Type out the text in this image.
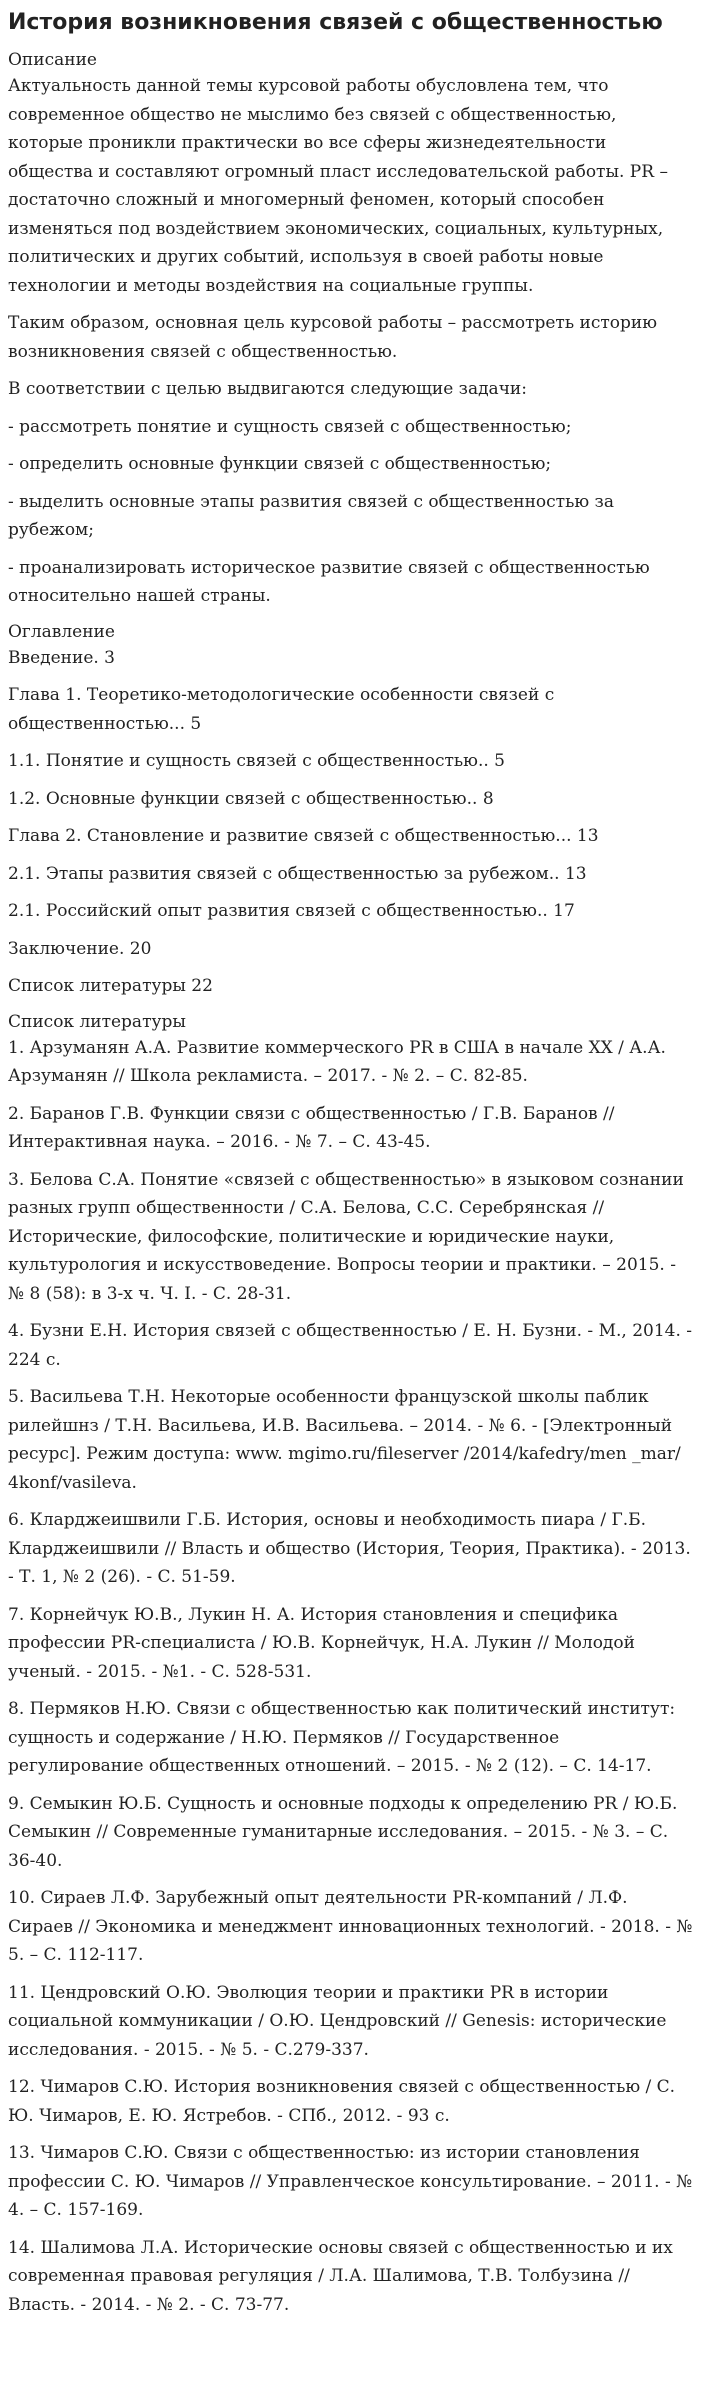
История возникновения связей с общественностью
Описание

Актуальность данной темы курсовой работы обусловлена тем, что современное общество не мыслимо без связей с общественностью, которые проникли практически во все сферы жизнедеятельности общества и составляют огромный пласт исследовательской работы. PR – достаточно сложный и многомерный феномен, который способен изменяться под воздействием экономических, социальных, культурных, политических и других событий, используя в своей работы новые технологии и методы воздействия на социальные группы.

Таким образом, основная цель курсовой работы – рассмотреть историю возникновения связей с общественностью.

В соответствии с целью выдвигаются следующие задачи:

- рассмотреть понятие и сущность связей с общественностью;

- определить основные функции связей с общественностью;

- выделить основные этапы развития связей с общественностью за рубежом;

- проанализировать историческое развитие связей с общественностью относительно нашей страны.

Оглавление

Введение. 3

Глава 1. Теоретико-методологические особенности связей с общественностью... 5

1.1. Понятие и сущность связей с общественностью.. 5

1.2. Основные функции связей с общественностью.. 8

Глава 2. Становление и развитие связей с общественностью... 13

2.1. Этапы развития связей с общественностью за рубежом.. 13

2.1. Российский опыт развития связей с общественностью.. 17

Заключение. 20

Список литературы 22

Список литературы

1. Арзуманян А.А. Развитие коммерческого PR в США в начале XX / А.А. Арзуманян // Школа рекламиста. – 2017. - № 2. – С. 82-85.

2. Баранов Г.В. Функции связи с общественностью / Г.В. Баранов // Интерактивная наука. – 2016. - № 7. – С. 43-45.

3. Белова С.А. Понятие «связей с общественностью» в языковом сознании разных групп общественности / С.А. Белова, С.С. Серебрянская // Исторические, философские, политические и юридические науки, культурология и искусствоведение. Вопросы теории и практики. – 2015. - № 8 (58): в 3-х ч. Ч. I. - С. 28-31.

4. Бузни Е.Н. История связей с общественностью / Е. Н. Бузни. - М., 2014. - 224 с.

5. Васильева Т.Н. Некоторые особенности французской школы паблик рилейшнз / Т.Н. Васильева, И.В. Васильева. – 2014. - № 6. - [Электронный ресурс]. Режим доступа: www. mgimo.ru/fileserver /2014/kafedry/men _mar/ 4konf/vasileva.

6. Кларджеишвили Г.Б. История, основы и необходимость пиара / Г.Б. Кларджеишвили // Власть и общество (История, Теория, Практика). - 2013. - Т. 1, № 2 (26). - С. 51-59.

7. Корнейчук Ю.В., Лукин Н. А. История становления и специфика профессии PR-специалиста / Ю.В. Корнейчук, Н.А. Лукин // Молодой ученый. - 2015. - №1. - С. 528-531.

8. Пермяков Н.Ю. Связи с общественностью как политический институт: сущность и содержание / Н.Ю. Пермяков // Государственное регулирование общественных отношений. – 2015. - № 2 (12). – С. 14-17.

9. Семыкин Ю.Б. Сущность и основные подходы к определению PR / Ю.Б. Семыкин // Современные гуманитарные исследования. – 2015. - № 3. – С. 36-40.

10. Сираев Л.Ф. Зарубежный опыт деятельности PR-компаний / Л.Ф. Сираев // Экономика и менеджмент инновационных технологий. - 2018. - № 5. – С. 112-117.

11. Цендровский О.Ю. Эволюция теории и практики PR в истории социальной коммуникации / О.Ю. Цендровский // Genesis: исторические исследования. - 2015. - № 5. - С.279-337.

12. Чимаров С.Ю. История возникновения связей с общественностью / С. Ю. Чимаров, Е. Ю. Ястребов. - СПб., 2012. - 93 с.

13. Чимаров С.Ю. Связи с общественностью: из истории становления профессии С. Ю. Чимаров // Управленческое консультирование. – 2011. - № 4. – С. 157-169.

14. Шалимова Л.А. Исторические основы связей с общественностью и их современная правовая регуляция / Л.А. Шалимова, Т.В. Толбузина // Власть. - 2014. - № 2. - С. 73-77.
